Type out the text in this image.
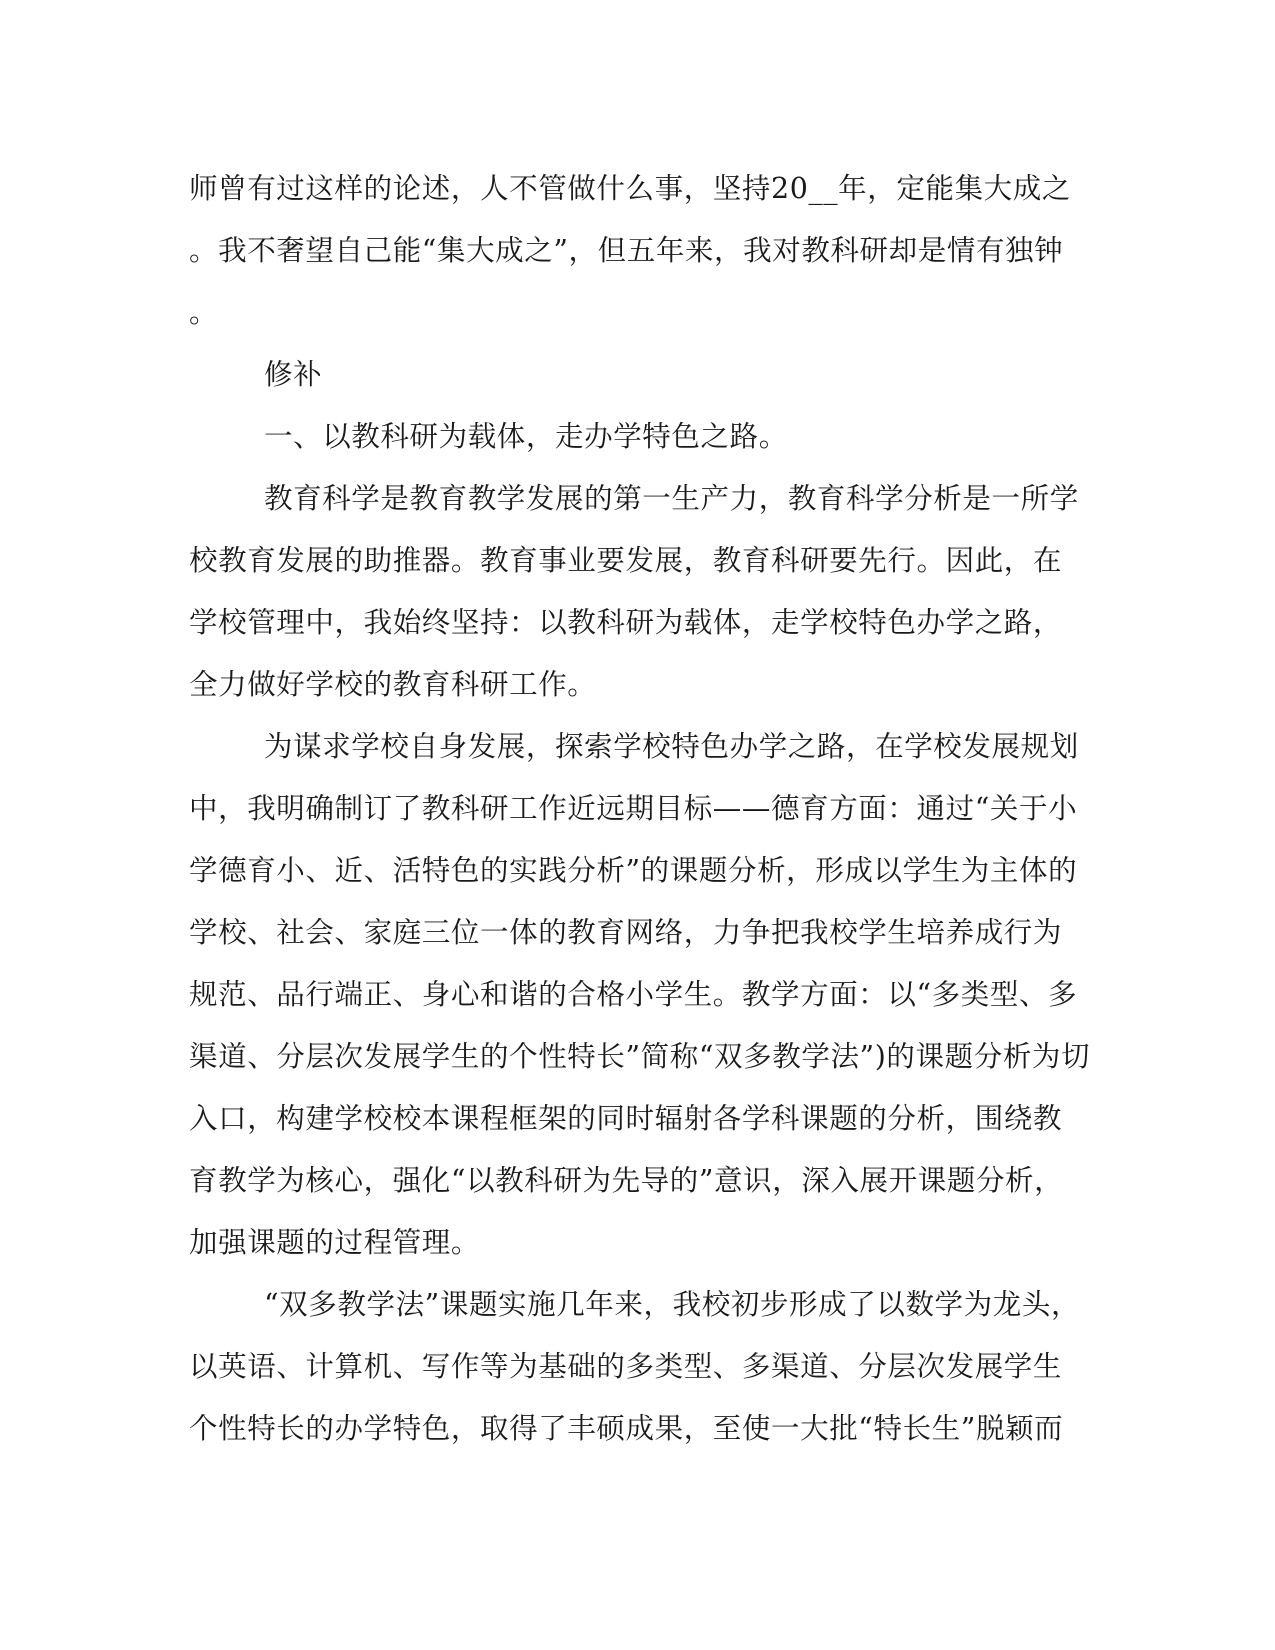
师曾有过这样的论述，人不管做什么事，坚持20__年，定能集大成之
。我不奢望自己能“集大成之”，但五年来，我对教科研却是情有独钟
。
修补
一、以教科研为载体，走办学特色之路。
教育科学是教育教学发展的第一生产力，教育科学分析是一所学
校教育发展的助推器。教育事业要发展，教育科研要先行。因此，在
学校管理中，我始终坚持：以教科研为载体，走学校特色办学之路，
全力做好学校的教育科研工作。
为谋求学校自身发展，探索学校特色办学之路，在学校发展规划
中，我明确制订了教科研工作近远期目标——德育方面：通过“关于小
学德育小、近、活特色的实践分析”的课题分析，形成以学生为主体的
学校、社会、家庭三位一体的教育网络，力争把我校学生培养成行为
规范、品行端正、身心和谐的合格小学生。教学方面：以“多类型、多
渠道、分层次发展学生的个性特长”简称“双多教学法”)的课题分析为切
入口，构建学校校本课程框架的同时辐射各学科课题的分析，围绕教
育教学为核心，强化“以教科研为先导的”意识，深入展开课题分析，
加强课题的过程管理。
“双多教学法”课题实施几年来，我校初步形成了以数学为龙头，
以英语、计算机、写作等为基础的多类型、多渠道、分层次发展学生
个性特长的办学特色，取得了丰硕成果，至使一大批“特长生”脱颖而
